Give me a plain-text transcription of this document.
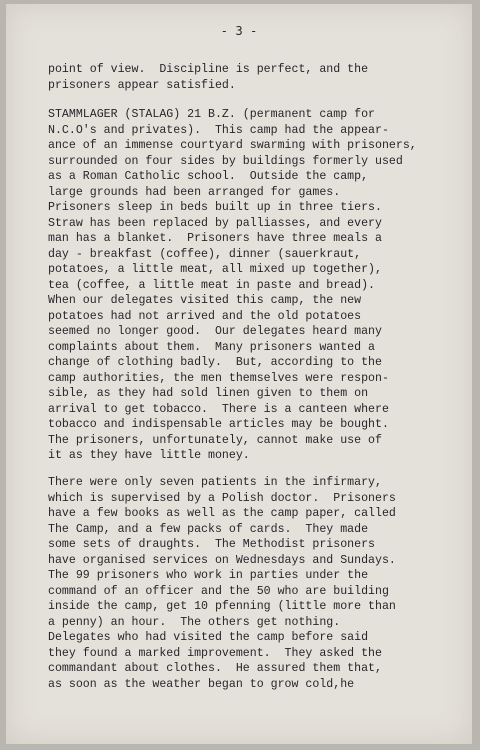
- 3 -
point of view.  Discipline is perfect, and the
prisoners appear satisfied.
STAMMLAGER (STALAG) 21 B.Z. (permanent camp for
N.C.O's and privates).  This camp had the appear-
ance of an immense courtyard swarming with prisoners,
surrounded on four sides by buildings formerly used
as a Roman Catholic school.  Outside the camp,
large grounds had been arranged for games.
Prisoners sleep in beds built up in three tiers.
Straw has been replaced by palliasses, and every
man has a blanket.  Prisoners have three meals a
day - breakfast (coffee), dinner (sauerkraut,
potatoes, a little meat, all mixed up together),
tea (coffee, a little meat in paste and bread).
When our delegates visited this camp, the new
potatoes had not arrived and the old potatoes
seemed no longer good.  Our delegates heard many
complaints about them.  Many prisoners wanted a
change of clothing badly.  But, according to the
camp authorities, the men themselves were respon-
sible, as they had sold linen given to them on
arrival to get tobacco.  There is a canteen where
tobacco and indispensable articles may be bought.
The prisoners, unfortunately, cannot make use of
it as they have little money.
There were only seven patients in the infirmary,
which is supervised by a Polish doctor.  Prisoners
have a few books as well as the camp paper, called
The Camp, and a few packs of cards.  They made
some sets of draughts.  The Methodist prisoners
have organised services on Wednesdays and Sundays.
The 99 prisoners who work in parties under the
command of an officer and the 50 who are building
inside the camp, get 10 pfenning (little more than
a penny) an hour.  The others get nothing.
Delegates who had visited the camp before said
they found a marked improvement.  They asked the
commandant about clothes.  He assured them that,
as soon as the weather began to grow cold,he
